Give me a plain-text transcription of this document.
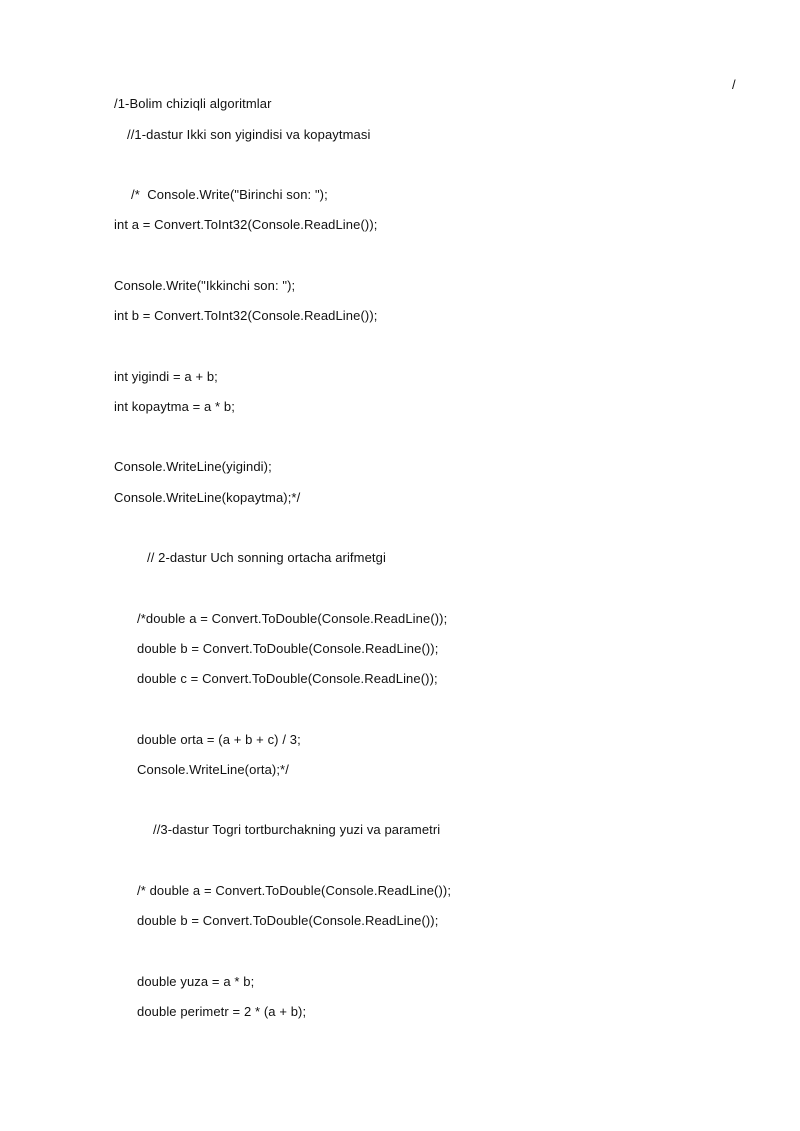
/
/1-Bolim chiziqli algoritmlar
//1-dastur Ikki son yigindisi va kopaytmasi
/*  Console.Write("Birinchi son: ");
int a = Convert.ToInt32(Console.ReadLine());
Console.Write("Ikkinchi son: ");
int b = Convert.ToInt32(Console.ReadLine());
int yigindi = a + b;
int kopaytma = a * b;
Console.WriteLine(yigindi);
Console.WriteLine(kopaytma);*/
// 2-dastur Uch sonning ortacha arifmetgi
/*double a = Convert.ToDouble(Console.ReadLine());
double b = Convert.ToDouble(Console.ReadLine());
double c = Convert.ToDouble(Console.ReadLine());
double orta = (a + b + c) / 3;
Console.WriteLine(orta);*/
//3-dastur Togri tortburchakning yuzi va parametri
/* double a = Convert.ToDouble(Console.ReadLine());
double b = Convert.ToDouble(Console.ReadLine());
double yuza = a * b;
double perimetr = 2 * (a + b);
